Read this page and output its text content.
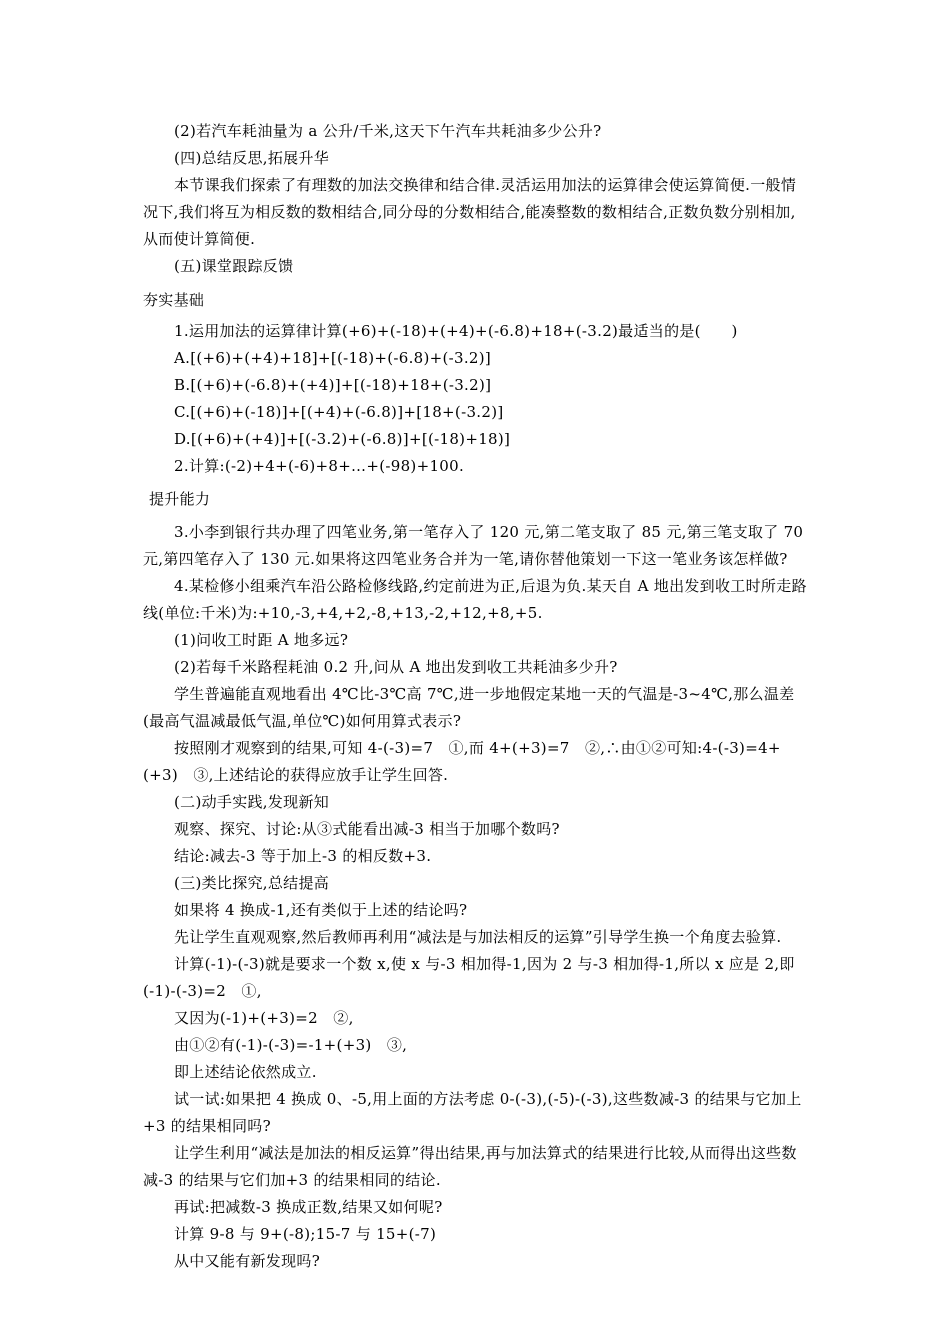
(2)若汽车耗油量为 a 公升/千米,这天下午汽车共耗油多少公升?

(四)总结反思,拓展升华

本节课我们探索了有理数的加法交换律和结合律.灵活运用加法的运算律会使运算简便.一般情况下,我们将互为相反数的数相结合,同分母的分数相结合,能凑整数的数相结合,正数负数分别相加,从而使计算简便.

(五)课堂跟踪反馈

夯实基础

1.运用加法的运算律计算(+6)+(-18)+(+4)+(-6.8)+18+(-3.2)最适当的是(　　)

A.[(+6)+(+4)+18]+[(-18)+(-6.8)+(-3.2)]

B.[(+6)+(-6.8)+(+4)]+[(-18)+18+(-3.2)]

C.[(+6)+(-18)]+[(+4)+(-6.8)]+[18+(-3.2)]

D.[(+6)+(+4)]+[(-3.2)+(-6.8)]+[(-18)+18)]

2.计算:(-2)+4+(-6)+8+…+(-98)+100.

提升能力

3.小李到银行共办理了四笔业务,第一笔存入了 120 元,第二笔支取了 85 元,第三笔支取了 70 元,第四笔存入了 130 元.如果将这四笔业务合并为一笔,请你替他策划一下这一笔业务该怎样做?

4.某检修小组乘汽车沿公路检修线路,约定前进为正,后退为负.某天自 A 地出发到收工时所走路线(单位:千米)为:+10,-3,+4,+2,-8,+13,-2,+12,+8,+5.

(1)问收工时距 A 地多远?

(2)若每千米路程耗油 0.2 升,问从 A 地出发到收工共耗油多少升?

学生普遍能直观地看出 4℃比-3℃高 7℃,进一步地假定某地一天的气温是-3~4℃,那么温差(最高气温减最低气温,单位℃)如何用算式表示?

按照刚才观察到的结果,可知 4-(-3)=7　①,而 4+(+3)=7　②,∴由①②可知:4-(-3)=4+(+3)　③,上述结论的获得应放手让学生回答.

(二)动手实践,发现新知

观察、探究、讨论:从③式能看出减-3 相当于加哪个数吗?

结论:减去-3 等于加上-3 的相反数+3.

(三)类比探究,总结提高

如果将 4 换成-1,还有类似于上述的结论吗?

先让学生直观观察,然后教师再利用“减法是与加法相反的运算”引导学生换一个角度去验算.

计算(-1)-(-3)就是要求一个数 x,使 x 与-3 相加得-1,因为 2 与-3 相加得-1,所以 x 应是 2,即(-1)-(-3)=2　①,

又因为(-1)+(+3)=2　②,

由①②有(-1)-(-3)=-1+(+3)　③,

即上述结论依然成立.

试一试:如果把 4 换成 0、-5,用上面的方法考虑 0-(-3),(-5)-(-3),这些数减-3 的结果与它加上+3 的结果相同吗?

让学生利用“减法是加法的相反运算”得出结果,再与加法算式的结果进行比较,从而得出这些数减-3 的结果与它们加+3 的结果相同的结论.

再试:把减数-3 换成正数,结果又如何呢?

计算 9-8 与 9+(-8);15-7 与 15+(-7)

从中又能有新发现吗?
